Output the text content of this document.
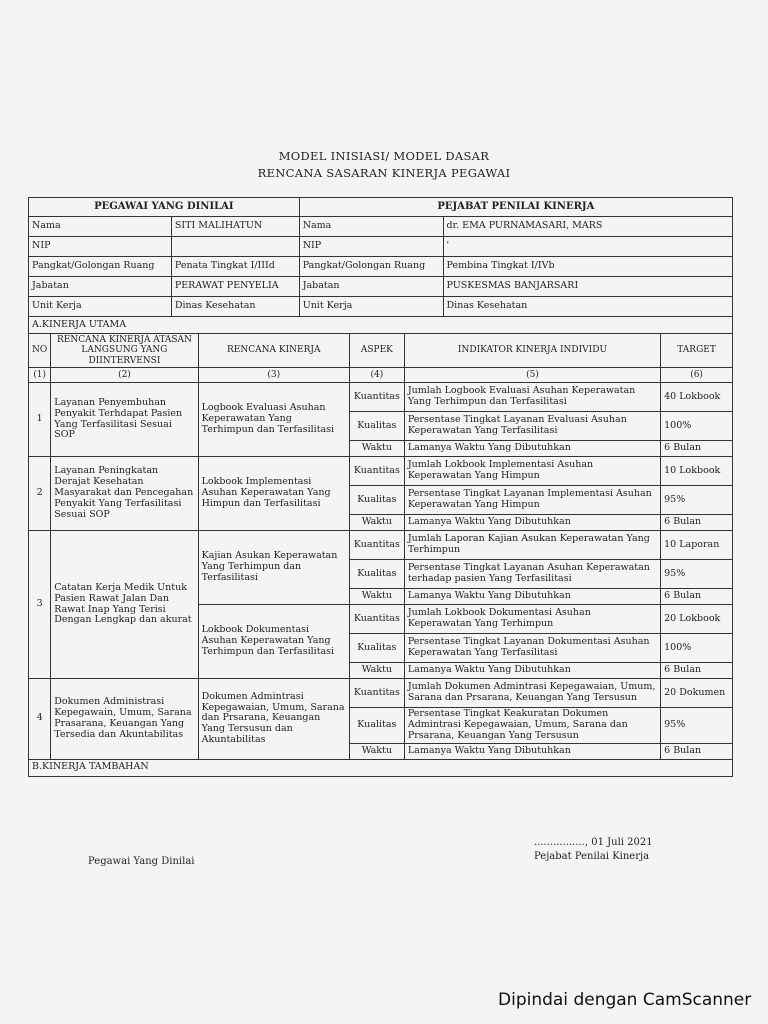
MODEL INISIASI/ MODEL DASAR
RENCANA SASARAN KINERJA PEGAWAI
PEGAWAI YANG DINILAI		PEJABAT PENILAI KINERJA	
Nama	SITI MALIHATUN	Nama	dr. EMA PURNAMASARI, MARS
NIP		NIP	'
Pangkat/Golongan Ruang	Penata Tingkat I/IIId	Pangkat/Golongan Ruang	Pembina Tingkat I/IVb
Jabatan	PERAWAT PENYELIA	Jabatan	PUSKESMAS BANJARSARI
Unit Kerja	Dinas Kesehatan	Unit Kerja	Dinas Kesehatan
A.KINERJA UTAMA					
NO	RENCANA KINERJA ATASAN LANGSUNG YANG DIINTERVENSI	RENCANA KINERJA	ASPEK	INDIKATOR KINERJA INDIVIDU	TARGET
(1)	(2)	(3)	(4)	(5)	(6)
1	Layanan Penyembuhan Penyakit Terhdapat Pasien Yang Terfasilitasi Sesuai SOP	Logbook Evaluasi Asuhan Keperawatan Yang Terhimpun dan Terfasilitasi	Kuantitas	Jumlah Logbook Evaluasi Asuhan Keperawatan Yang Terhimpun dan Terfasilitasi	40 Lokbook
			Kualitas	Persentase Tingkat Layanan Evaluasi Asuhan Keperawatan Yang Terfasilitasi	100%
			Waktu	Lamanya Waktu Yang Dibutuhkan	6 Bulan
2	Layanan Peningkatan Derajat Kesehatan Masyarakat dan Pencegahan Penyakit Yang Terfasilitasi Sesuai SOP	Lokbook Implementasi Asuhan Keperawatan Yang Himpun dan Terfasilitasi	Kuantitas	Jumlah Lokbook Implementasi Asuhan Keperawatan Yang Himpun	10 Lokbook
			Kualitas	Persentase Tingkat Layanan Implementasi Asuhan Keperawatan Yang Himpun	95%
			Waktu	Lamanya Waktu Yang Dibutuhkan	6 Bulan
3	Catatan Kerja Medik Untuk Pasien Rawat Jalan Dan Rawat Inap Yang Terisi Dengan Lengkap dan akurat	Kajian Asukan Keperawatan Yang Terhimpun dan Terfasilitasi	Kuantitas	Jumlah Laporan Kajian Asukan Keperawatan Yang Terhimpun	10 Laporan
			Kualitas	Persentase Tingkat Layanan Asuhan Keperawatan terhadap pasien Yang Terfasilitasi	95%
			Waktu	Lamanya Waktu Yang Dibutuhkan	6 Bulan
		Lokbook Dokumentasi Asuhan Keperawatan Yang Terhimpun dan Terfasilitasi	Kuantitas	Jumlah Lokbook Dokumentasi Asuhan Keperawatan Yang Terhimpun	20 Lokbook
			Kualitas	Persentase Tingkat Layanan Dokumentasi Asuhan Keperawatan Yang Terfasilitasi	100%
			Waktu	Lamanya Waktu Yang Dibutuhkan	6 Bulan
4	Dokumen Administrasi Kepegawain, Umum, Sarana Prasarana, Keuangan Yang Tersedia dan Akuntabilitas	Dokumen Admintrasi Kepegawaian, Umum, Sarana dan Prsarana, Keuangan Yang Tersusun dan Akuntabilitas	Kuantitas	Jumlah Dokumen Admintrasi Kepegawaian, Umum, Sarana dan Prsarana, Keuangan Yang Tersusun	20 Dokumen
			Kualitas	Persentase Tingkat Keakuratan Dokumen Admintrasi Kepegawaian, Umum, Sarana dan Prsarana, Keuangan Yang Tersusun	95%
			Waktu	Lamanya Waktu Yang Dibutuhkan	6 Bulan
B.KINERJA TAMBAHAN					
................, 01 Juli 2021
Pegawai Yang Dinilai	Pejabat Penilai Kinerja
Dipindai dengan CamScanner
